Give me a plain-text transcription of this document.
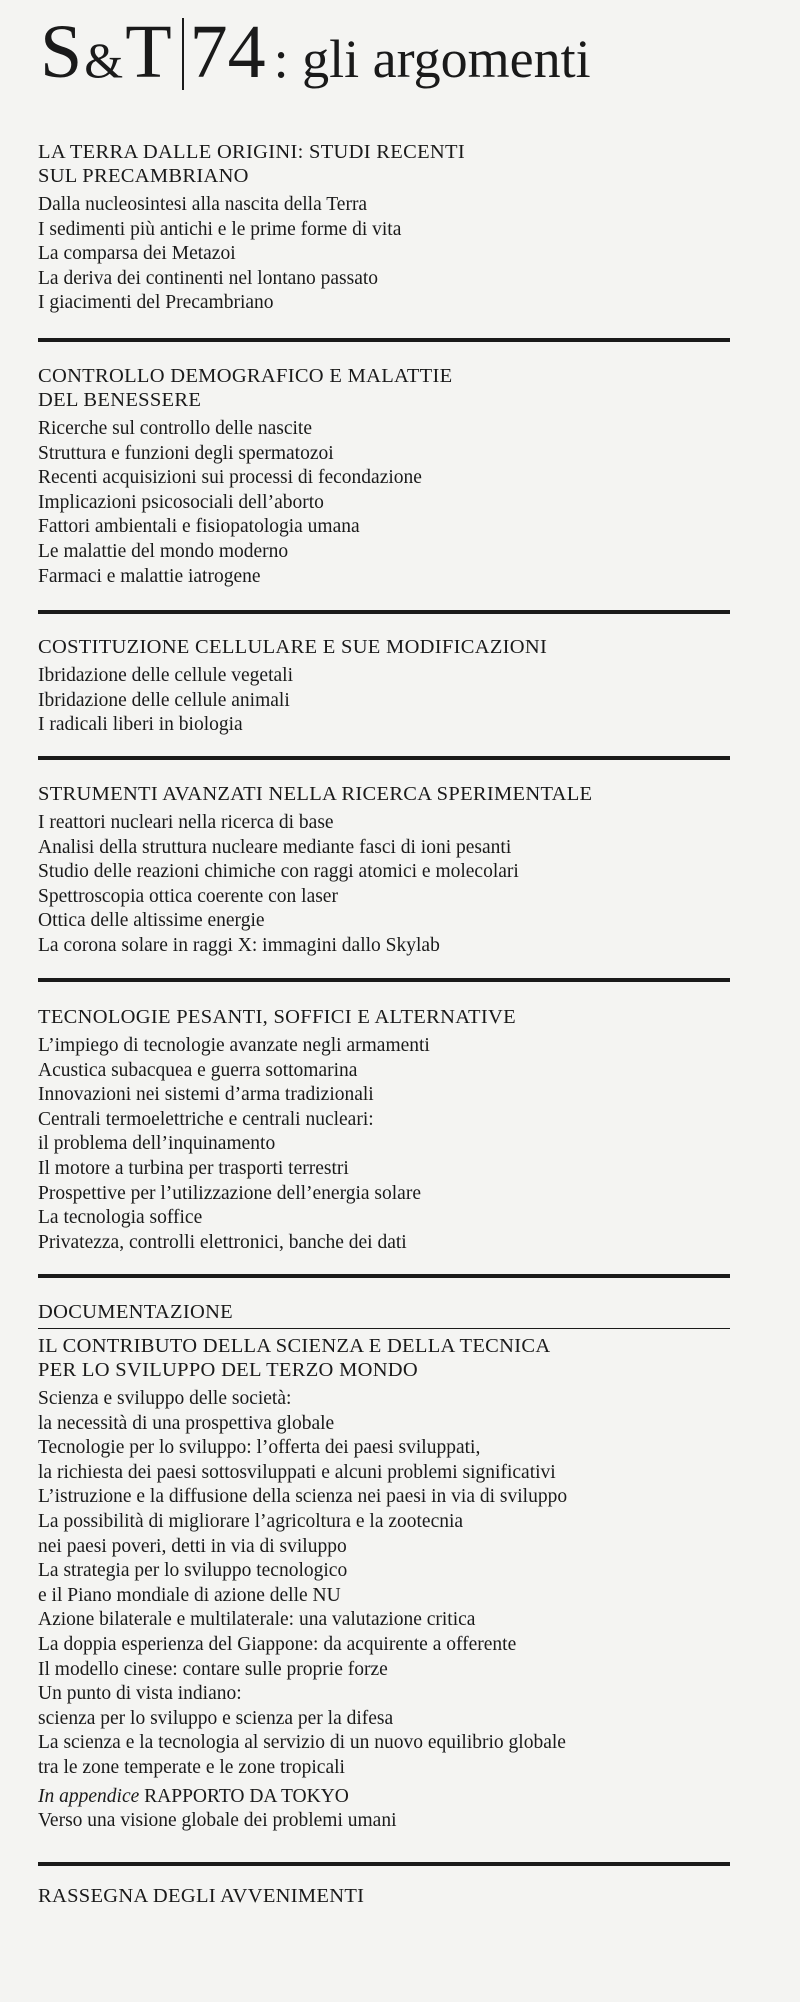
S & T 74 : gli argomenti
LA TERRA DALLE ORIGINI: STUDI RECENTI
SUL PRECAMBRIANO
Dalla nucleosintesi alla nascita della Terra
I sedimenti più antichi e le prime forme di vita
La comparsa dei Metazoi
La deriva dei continenti nel lontano passato
I giacimenti del Precambriano
CONTROLLO DEMOGRAFICO E MALATTIE
DEL BENESSERE
Ricerche sul controllo delle nascite
Struttura e funzioni degli spermatozoi
Recenti acquisizioni sui processi di fecondazione
Implicazioni psicosociali dell’aborto
Fattori ambientali e fisiopatologia umana
Le malattie del mondo moderno
Farmaci e malattie iatrogene
COSTITUZIONE CELLULARE E SUE MODIFICAZIONI
Ibridazione delle cellule vegetali
Ibridazione delle cellule animali
I radicali liberi in biologia
STRUMENTI AVANZATI NELLA RICERCA SPERIMENTALE
I reattori nucleari nella ricerca di base
Analisi della struttura nucleare mediante fasci di ioni pesanti
Studio delle reazioni chimiche con raggi atomici e molecolari
Spettroscopia ottica coerente con laser
Ottica delle altissime energie
La corona solare in raggi X: immagini dallo Skylab
TECNOLOGIE PESANTI, SOFFICI E ALTERNATIVE
L’impiego di tecnologie avanzate negli armamenti
Acustica subacquea e guerra sottomarina
Innovazioni nei sistemi d’arma tradizionali
Centrali termoelettriche e centrali nucleari:
il problema dell’inquinamento
Il motore a turbina per trasporti terrestri
Prospettive per l’utilizzazione dell’energia solare
La tecnologia soffice
Privatezza, controlli elettronici, banche dei dati
DOCUMENTAZIONE
IL CONTRIBUTO DELLA SCIENZA E DELLA TECNICA
PER LO SVILUPPO DEL TERZO MONDO
Scienza e sviluppo delle società:
la necessità di una prospettiva globale
Tecnologie per lo sviluppo: l’offerta dei paesi sviluppati,
la richiesta dei paesi sottosviluppati e alcuni problemi significativi
L’istruzione e la diffusione della scienza nei paesi in via di sviluppo
La possibilità di migliorare l’agricoltura e la zootecnia
nei paesi poveri, detti in via di sviluppo
La strategia per lo sviluppo tecnologico
e il Piano mondiale di azione delle NU
Azione bilaterale e multilaterale: una valutazione critica
La doppia esperienza del Giappone: da acquirente a offerente
Il modello cinese: contare sulle proprie forze
Un punto di vista indiano:
scienza per lo sviluppo e scienza per la difesa
La scienza e la tecnologia al servizio di un nuovo equilibrio globale
tra le zone temperate e le zone tropicali
In appendice RAPPORTO DA TOKYO
Verso una visione globale dei problemi umani
RASSEGNA DEGLI AVVENIMENTI
